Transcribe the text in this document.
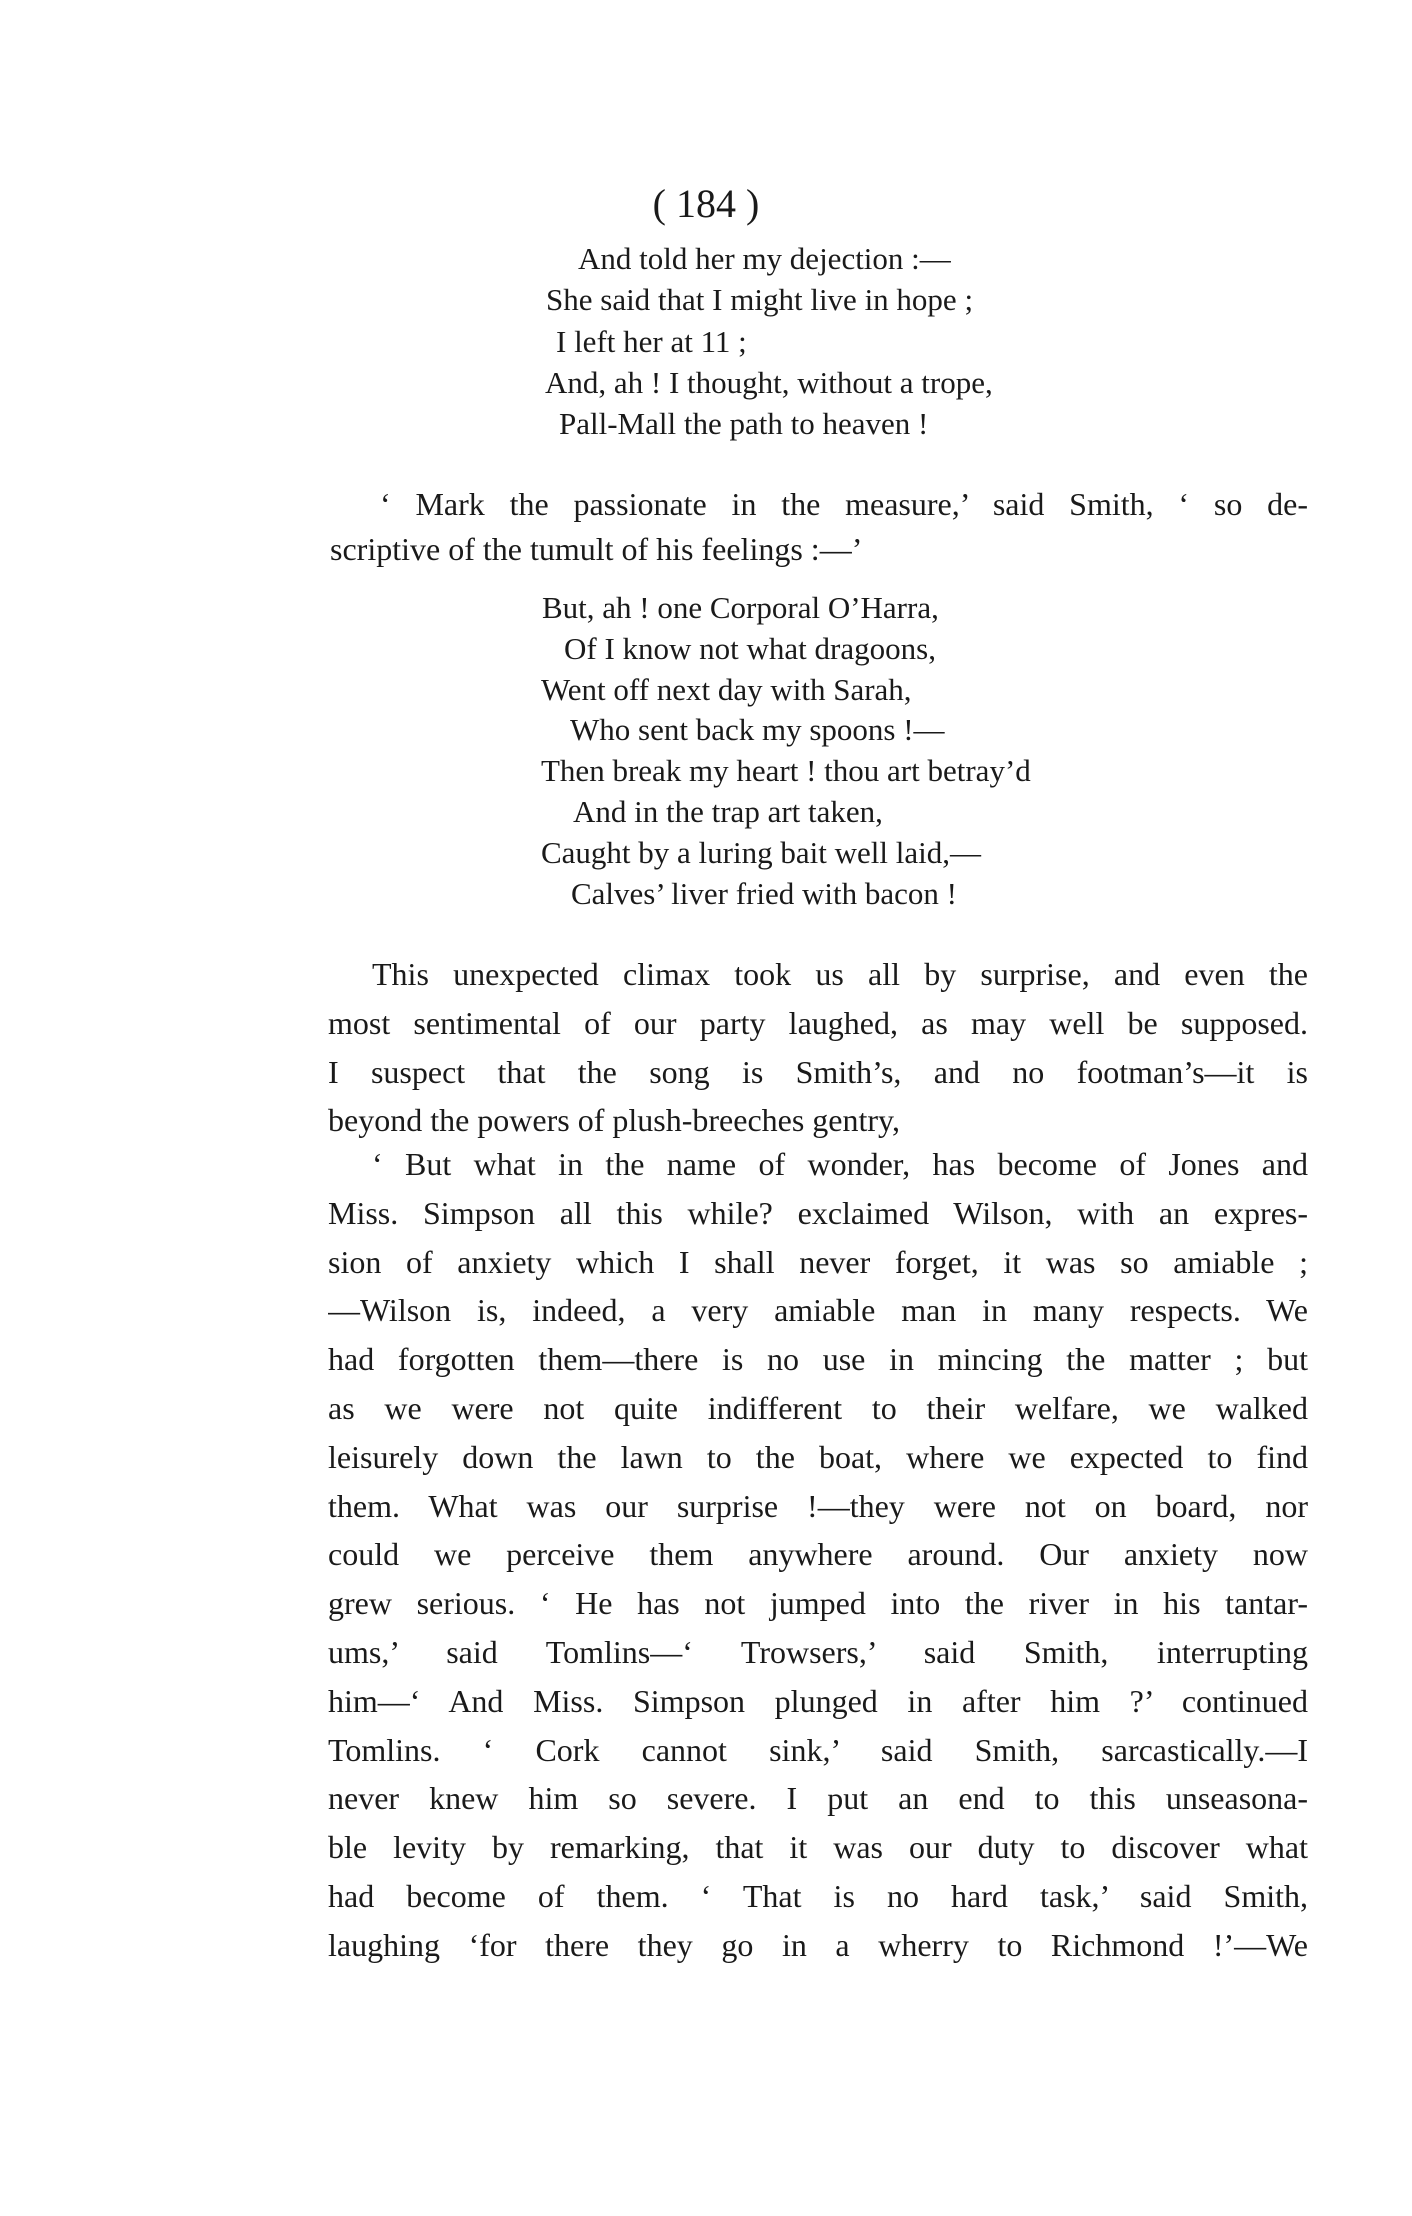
( 184 )
And told her my dejection :—
She said that I might live in hope ;
I left her at 11 ;
And, ah ! I thought, without a trope,
Pall-Mall the path to heaven !
‘ Mark the passionate in the measure,’ said Smith, ‘ so de-
scriptive of the tumult of his feelings :—’
But, ah ! one Corporal O’Harra,
Of I know not what dragoons,
Went off next day with Sarah,
Who sent back my spoons !—
Then break my heart ! thou art betray’d
And in the trap art taken,
Caught by a luring bait well laid,—
Calves’ liver fried with bacon !
This unexpected climax took us all by surprise, and even the
most sentimental of our party laughed, as may well be supposed.
I suspect that the song is Smith’s, and no footman’s—it is
beyond the powers of plush-breeches gentry,
‘ But what in the name of wonder, has become of Jones and
Miss. Simpson all this while? exclaimed Wilson, with an expres-
sion of anxiety which I shall never forget, it was so amiable ;
—Wilson is, indeed, a very amiable man in many respects. We
had forgotten them—there is no use in mincing the matter ; but
as we were not quite indifferent to their welfare, we walked
leisurely down the lawn to the boat, where we expected to find
them. What was our surprise !—they were not on board, nor
could we perceive them anywhere around. Our anxiety now
grew serious. ‘ He has not jumped into the river in his tantar-
ums,’ said Tomlins—‘ Trowsers,’ said Smith, interrupting
him—‘ And Miss. Simpson plunged in after him ?’ continued
Tomlins. ‘ Cork cannot sink,’ said Smith, sarcastically.—I
never knew him so severe. I put an end to this unseasona-
ble levity by remarking, that it was our duty to discover what
had become of them. ‘ That is no hard task,’ said Smith,
laughing ‘for there they go in a wherry to Richmond !’—We
